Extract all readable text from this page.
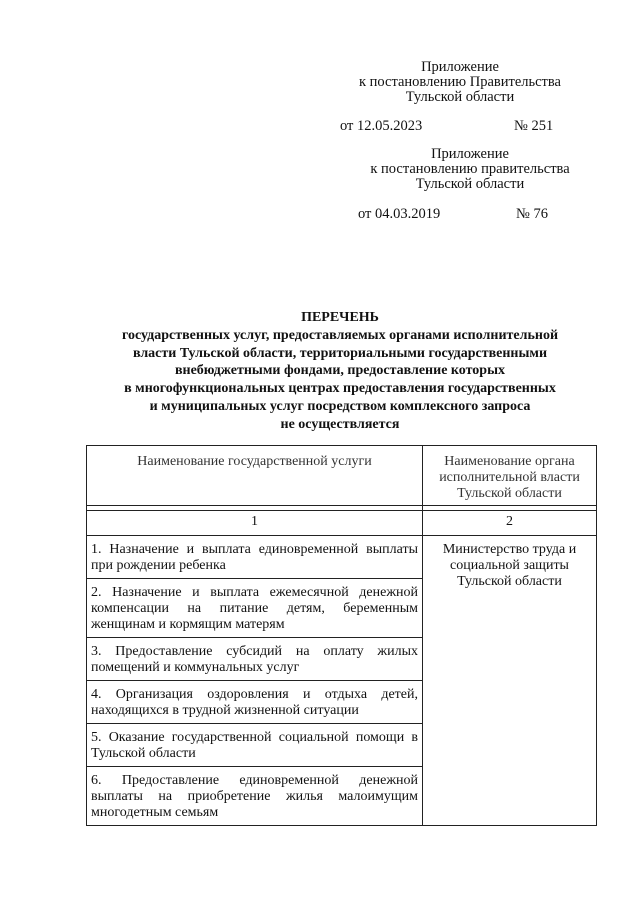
Приложение
к постановлению Правительства
Тульской области
от 12.05.2023	№ 251
Приложение
к постановлению правительства
Тульской области
от 04.03.2019	№ 76
ПЕРЕЧЕНЬ
государственных услуг, предоставляемых органами исполнительной
власти Тульской области, территориальными государственными
внебюджетными фондами, предоставление которых
в многофункциональных центрах предоставления государственных
и муниципальных услуг посредством комплексного запроса
не осуществляется
Наименование государственной услуги	Наименование органа
исполнительной власти
Тульской области

1	2
1. Назначение и выплата единовременной выплаты при рождении ребенка	Министерство труда и
социальной защиты
Тульской области

2. Назначение и выплата ежемесячной денежной компенсации на питание детям, беременным женщинам и кормящим матерям	
3. Предоставление субсидий на оплату жилых помещений и коммунальных услуг	
4. Организация оздоровления и отдыха детей, находящихся в трудной жизненной ситуации	
5. Оказание государственной социальной помощи в Тульской области	
6. Предоставление единовременной денежной выплаты на приобретение жилья малоимущим многодетным семьям	
